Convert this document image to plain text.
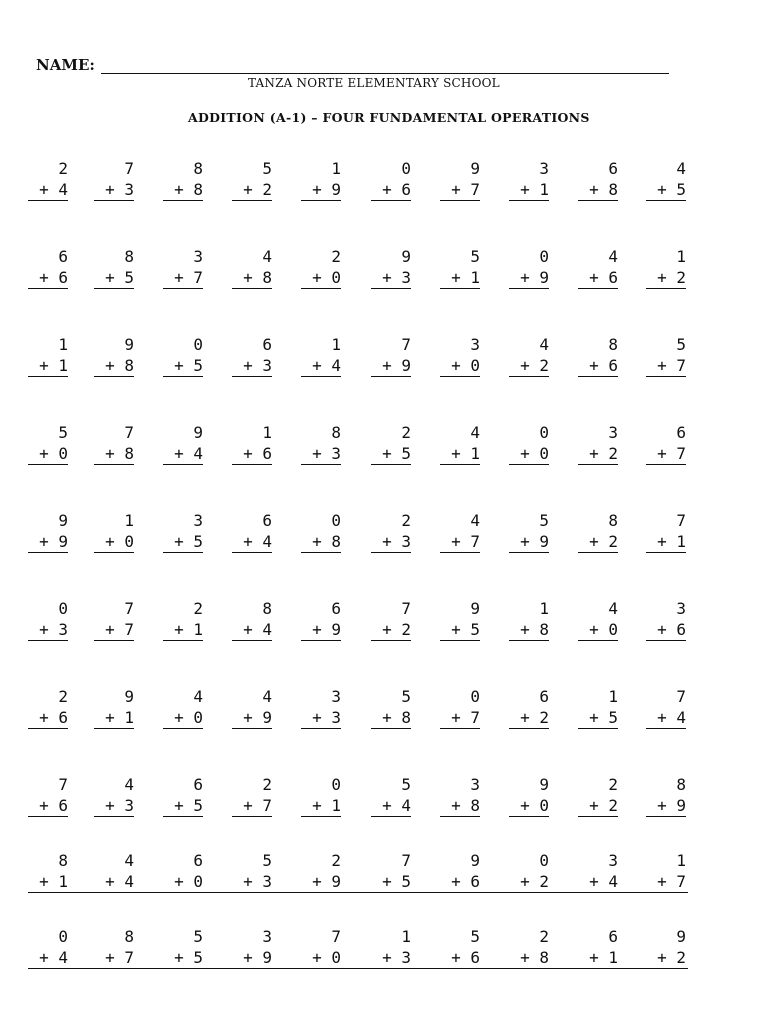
NAME:
TANZA NORTE ELEMENTARY SCHOOL
ADDITION (A-1) – FOUR FUNDAMENTAL OPERATIONS
2
+ 4
7
+ 3
8
+ 8
5
+ 2
1
+ 9
0
+ 6
9
+ 7
3
+ 1
6
+ 8
4
+ 5
6
+ 6
8
+ 5
3
+ 7
4
+ 8
2
+ 0
9
+ 3
5
+ 1
0
+ 9
4
+ 6
1
+ 2
1
+ 1
9
+ 8
0
+ 5
6
+ 3
1
+ 4
7
+ 9
3
+ 0
4
+ 2
8
+ 6
5
+ 7
5
+ 0
7
+ 8
9
+ 4
1
+ 6
8
+ 3
2
+ 5
4
+ 1
0
+ 0
3
+ 2
6
+ 7
9
+ 9
1
+ 0
3
+ 5
6
+ 4
0
+ 8
2
+ 3
4
+ 7
5
+ 9
8
+ 2
7
+ 1
0
+ 3
7
+ 7
2
+ 1
8
+ 4
6
+ 9
7
+ 2
9
+ 5
1
+ 8
4
+ 0
3
+ 6
2
+ 6
9
+ 1
4
+ 0
4
+ 9
3
+ 3
5
+ 8
0
+ 7
6
+ 2
1
+ 5
7
+ 4
7
+ 6
4
+ 3
6
+ 5
2
+ 7
0
+ 1
5
+ 4
3
+ 8
9
+ 0
2
+ 2
8
+ 9
8
+ 1
4
+ 4
6
+ 0
5
+ 3
2
+ 9
7
+ 5
9
+ 6
0
+ 2
3
+ 4
1
+ 7
0
+ 4
8
+ 7
5
+ 5
3
+ 9
7
+ 0
1
+ 3
5
+ 6
2
+ 8
6
+ 1
9
+ 2
